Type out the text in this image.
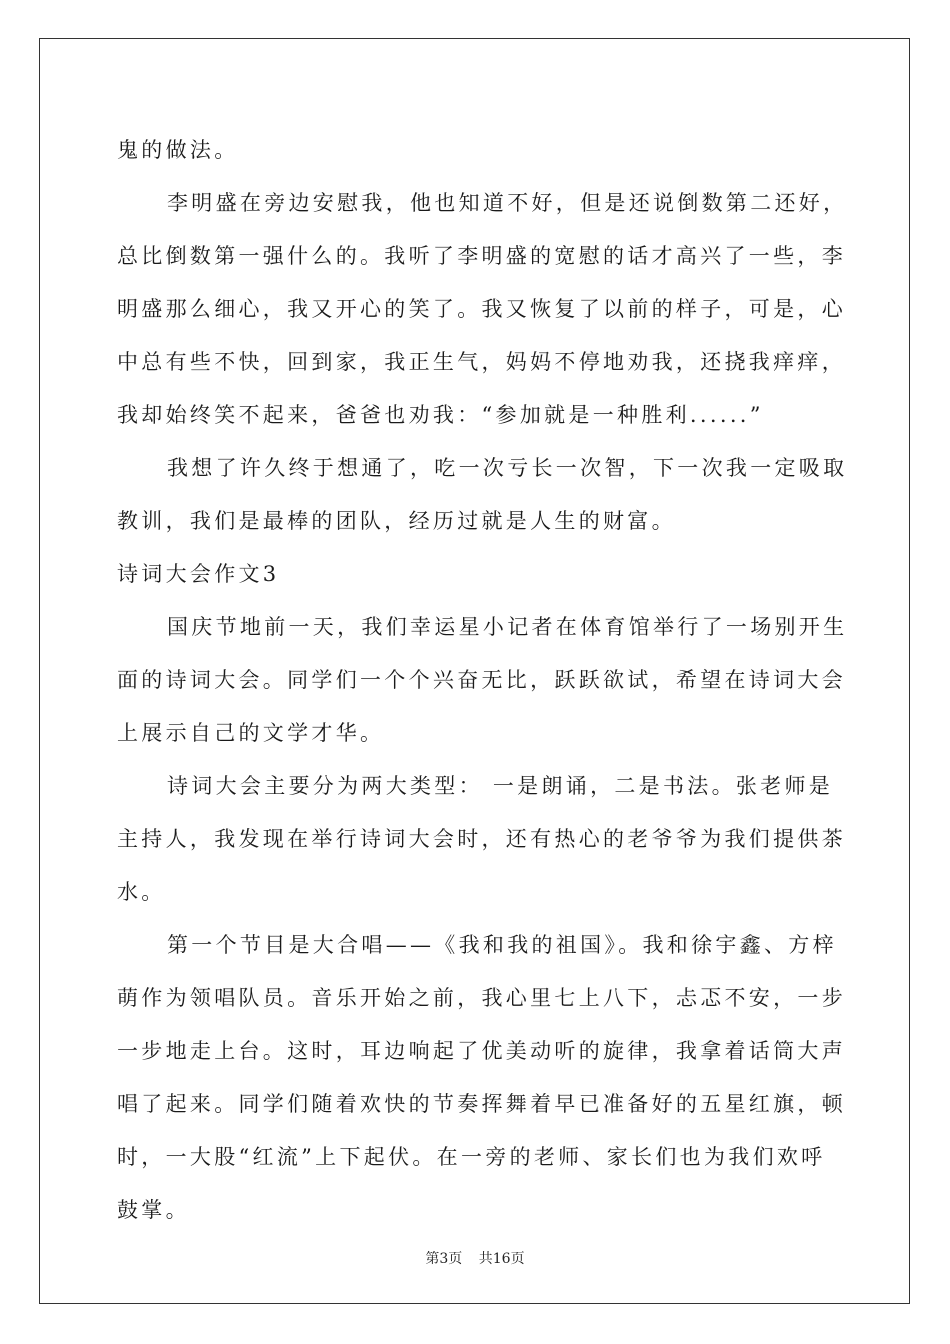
鬼的做法。
李明盛在旁边安慰我，他也知道不好，但是还说倒数第二还好，
总比倒数第一强什么的。我听了李明盛的宽慰的话才高兴了一些，李
明盛那么细心，我又开心的笑了。我又恢复了以前的样子，可是，心
中总有些不快，回到家，我正生气，妈妈不停地劝我，还挠我痒痒，
我却始终笑不起来，爸爸也劝我：“参加就是一种胜利......”
我想了许久终于想通了，吃一次亏长一次智，下一次我一定吸取
教训，我们是最棒的团队，经历过就是人生的财富。
诗词大会作文3
国庆节地前一天，我们幸运星小记者在体育馆举行了一场别开生
面的诗词大会。同学们一个个兴奋无比，跃跃欲试，希望在诗词大会
上展示自己的文学才华。
诗词大会主要分为两大类型： 一是朗诵，二是书法。张老师是
主持人，我发现在举行诗词大会时，还有热心的老爷爷为我们提供茶
水。
第一个节目是大合唱——《我和我的祖国》。我和徐宇鑫、方梓
萌作为领唱队员。音乐开始之前，我心里七上八下，忐忑不安，一步
一步地走上台。这时，耳边响起了优美动听的旋律，我拿着话筒大声
唱了起来。同学们随着欢快的节奏挥舞着早已准备好的五星红旗，顿
时，一大股“红流”上下起伏。在一旁的老师、家长们也为我们欢呼
鼓掌。
第3页 共16页
